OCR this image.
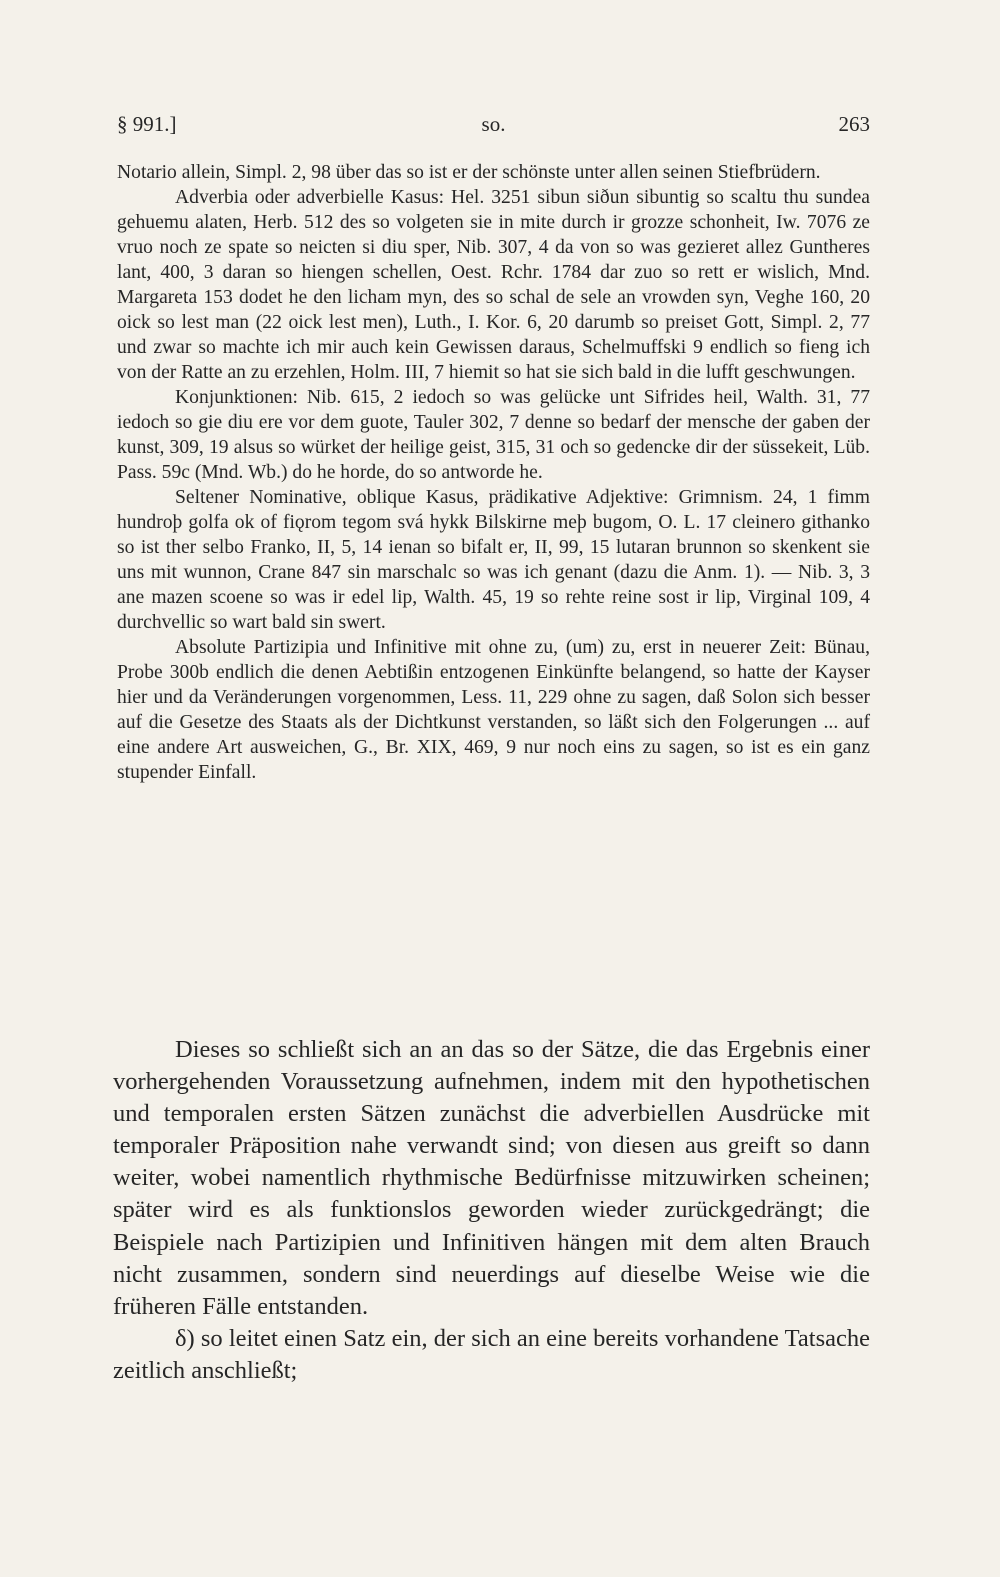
§ 991.]	so.	263

Notario allein, Simpl. 2, 98 über das so ist er der schönste unter allen seinen Stiefbrüdern.

Adverbia oder adverbielle Kasus: Hel. 3251 sibun siðun sibuntig so scaltu thu sundea gehuemu alaten, Herb. 512 des so volgeten sie in mite durch ir grozze schonheit, Iw. 7076 ze vruo noch ze spate so neicten si diu sper, Nib. 307, 4 da von so was gezieret allez Guntheres lant, 400, 3 daran so hiengen schellen, Oest. Rchr. 1784 dar zuo so rett er wislich, Mnd. Margareta 153 dodet he den licham myn, des so schal de sele an vrowden syn, Veghe 160, 20 oick so lest man (22 oick lest men), Luth., I. Kor. 6, 20 darumb so preiset Gott, Simpl. 2, 77 und zwar so machte ich mir auch kein Gewissen daraus, Schelmuffski 9 endlich so fieng ich von der Ratte an zu erzehlen, Holm. III, 7 hiemit so hat sie sich bald in die lufft geschwungen.

Konjunktionen: Nib. 615, 2 iedoch so was gelücke unt Sifrides heil, Walth. 31, 77 iedoch so gie diu ere vor dem guote, Tauler 302, 7 denne so bedarf der mensche der gaben der kunst, 309, 19 alsus so würket der heilige geist, 315, 31 och so gedencke dir der süssekeit, Lüb. Pass. 59c (Mnd. Wb.) do he horde, do so antworde he.

Seltener Nominative, oblique Kasus, prädikative Adjektive: Grimnism. 24, 1 fimm hundroþ golfa ok of fiǫrom tegom svá hykk Bilskirne meþ bugom, O. L. 17 cleinero githanko so ist ther selbo Franko, II, 5, 14 ienan so bifalt er, II, 99, 15 lutaran brunnon so skenkent sie uns mit wunnon, Crane 847 sin marschalc so was ich genant (dazu die Anm. 1). — Nib. 3, 3 ane mazen scoene so was ir edel lip, Walth. 45, 19 so rehte reine sost ir lip, Virginal 109, 4 durchvellic so wart bald sin swert.

Absolute Partizipia und Infinitive mit ohne zu, (um) zu, erst in neuerer Zeit: Bünau, Probe 300b endlich die denen Aebtißin entzogenen Einkünfte belangend, so hatte der Kayser hier und da Veränderungen vorgenommen, Less. 11, 229 ohne zu sagen, daß Solon sich besser auf die Gesetze des Staats als der Dichtkunst verstanden, so läßt sich den Folgerungen ... auf eine andere Art ausweichen, G., Br. XIX, 469, 9 nur noch eins zu sagen, so ist es ein ganz stupender Einfall.

Dieses so schließt sich an an das so der Sätze, die das Ergebnis einer vorhergehenden Voraussetzung aufnehmen, indem mit den hypothetischen und temporalen ersten Sätzen zunächst die adverbiellen Ausdrücke mit temporaler Präposition nahe verwandt sind; von diesen aus greift so dann weiter, wobei namentlich rhythmische Bedürfnisse mitzuwirken scheinen; später wird es als funktionslos geworden wieder zurückgedrängt; die Beispiele nach Partizipien und Infinitiven hängen mit dem alten Brauch nicht zusammen, sondern sind neuerdings auf dieselbe Weise wie die früheren Fälle entstanden.

δ) so leitet einen Satz ein, der sich an eine bereits vorhandene Tatsache zeitlich anschließt;
